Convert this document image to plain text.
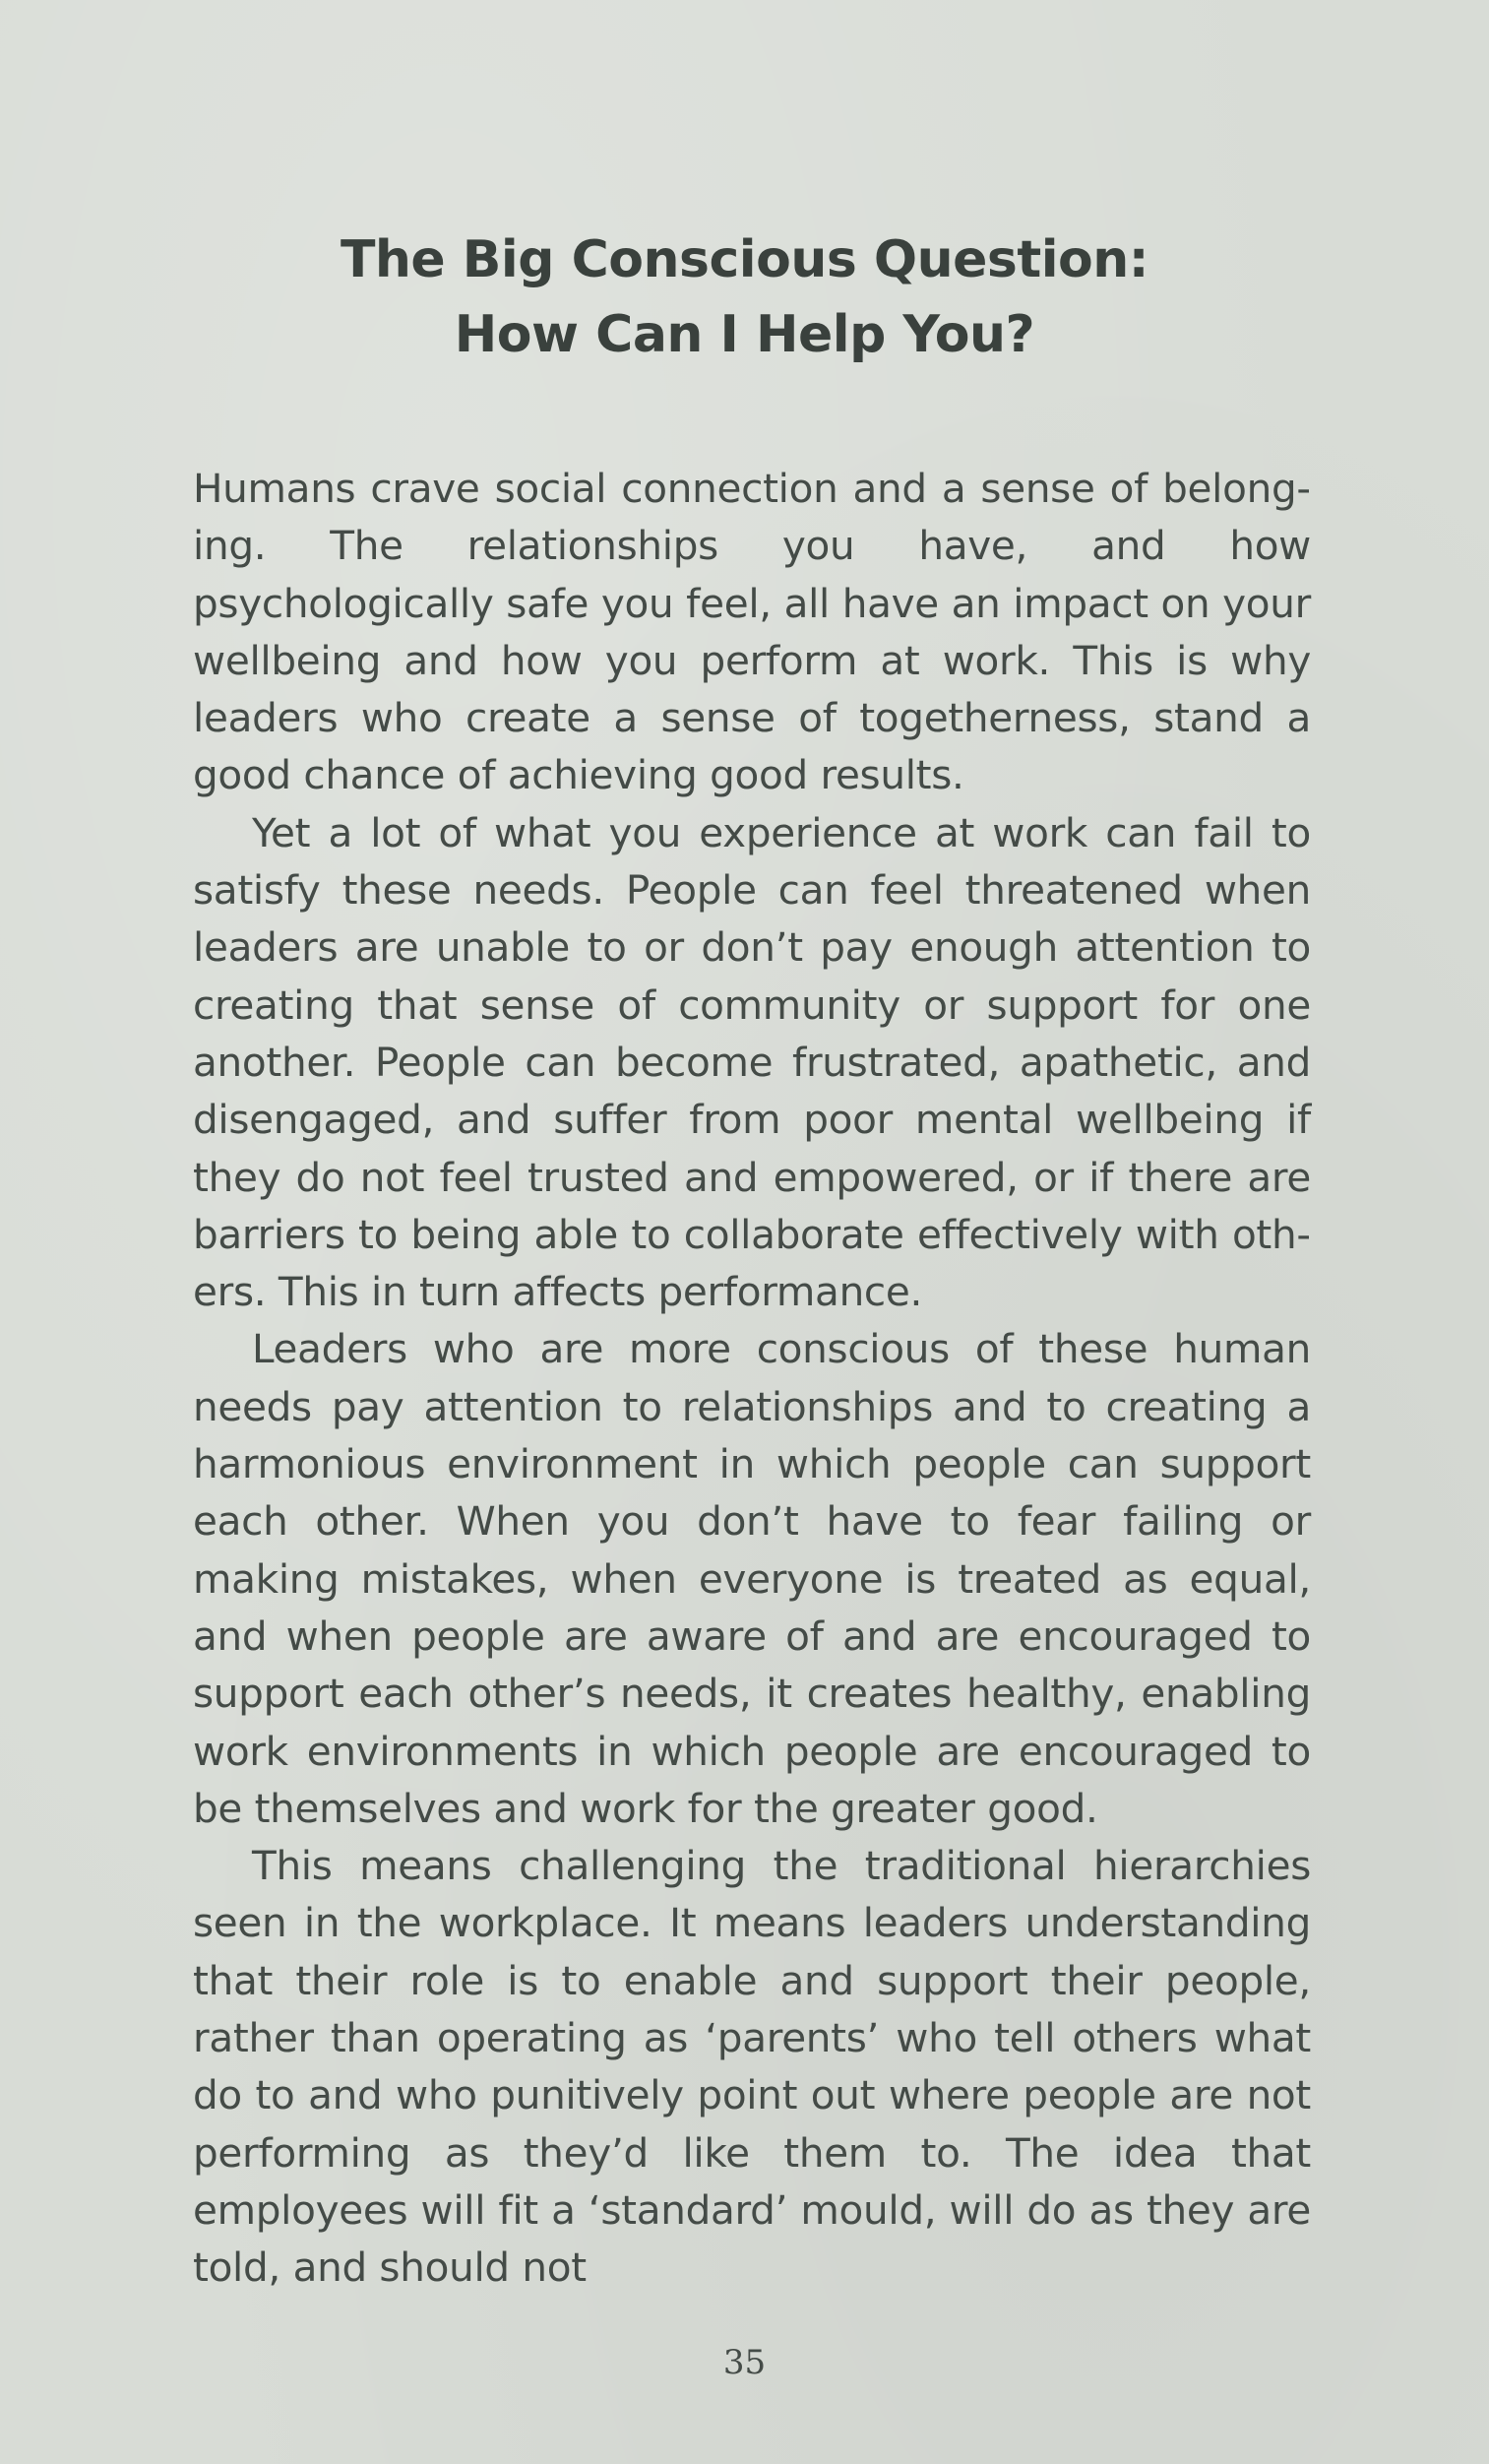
The Big Conscious Question:
How Can I Help You?

Humans crave social connection and a sense of belonging. The relationships you have, and how psychologically safe you feel, all have an impact on your wellbeing and how you perform at work. This is why leaders who create a sense of togetherness, stand a good chance of achieving good results.

Yet a lot of what you experience at work can fail to satisfy these needs. People can feel threatened when leaders are unable to or don’t pay enough attention to creating that sense of community or support for one another. People can become frustrated, apathetic, and disengaged, and suffer from poor mental wellbeing if they do not feel trusted and empowered, or if there are barriers to being able to collaborate effectively with others. This in turn affects performance.

Leaders who are more conscious of these human needs pay attention to relationships and to creating a harmonious environment in which people can support each other. When you don’t have to fear failing or making mistakes, when everyone is treated as equal, and when people are aware of and are encouraged to support each other’s needs, it creates healthy, enabling work environments in which people are encouraged to be themselves and work for the greater good.

This means challenging the traditional hierarchies seen in the workplace. It means leaders understanding that their role is to enable and support their people, rather than operating as ‘parents’ who tell others what do to and who punitively point out where people are not performing as they’d like them to. The idea that employees will fit a ‘standard’ mould, will do as they are told, and should not

35
